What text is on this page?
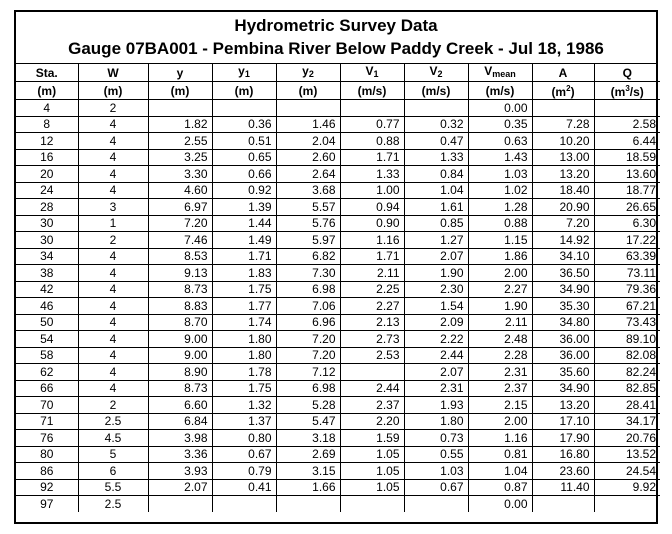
Hydrometric Survey Data
Gauge 07BA001 - Pembina River Below Paddy Creek - Jul 18, 1986
Sta.	W	y	$y_1$	$y_2$	$V_1$	$V_2$	$V_{mean}$	A	Q
(m)	(m)	(m)	(m)	(m)	(m/s)	(m/s)	(m/s)	$(m^2)$	$(m^3/s)$
4	2						0.00		
8	4	1.82	0.36	1.46	0.77	0.32	0.35	7.28	2.58
12	4	2.55	0.51	2.04	0.88	0.47	0.63	10.20	6.44
16	4	3.25	0.65	2.60	1.71	1.33	1.43	13.00	18.59
20	4	3.30	0.66	2.64	1.33	0.84	1.03	13.20	13.60
24	4	4.60	0.92	3.68	1.00	1.04	1.02	18.40	18.77
28	3	6.97	1.39	5.57	0.94	1.61	1.28	20.90	26.65
30	1	7.20	1.44	5.76	0.90	0.85	0.88	7.20	6.30
30	2	7.46	1.49	5.97	1.16	1.27	1.15	14.92	17.22
34	4	8.53	1.71	6.82	1.71	2.07	1.86	34.10	63.39
38	4	9.13	1.83	7.30	2.11	1.90	2.00	36.50	73.11
42	4	8.73	1.75	6.98	2.25	2.30	2.27	34.90	79.36
46	4	8.83	1.77	7.06	2.27	1.54	1.90	35.30	67.21
50	4	8.70	1.74	6.96	2.13	2.09	2.11	34.80	73.43
54	4	9.00	1.80	7.20	2.73	2.22	2.48	36.00	89.10
58	4	9.00	1.80	7.20	2.53	2.44	2.28	36.00	82.08
62	4	8.90	1.78	7.12		2.07	2.31	35.60	82.24
66	4	8.73	1.75	6.98	2.44	2.31	2.37	34.90	82.85
70	2	6.60	1.32	5.28	2.37	1.93	2.15	13.20	28.41
71	2.5	6.84	1.37	5.47	2.20	1.80	2.00	17.10	34.17
76	4.5	3.98	0.80	3.18	1.59	0.73	1.16	17.90	20.76
80	5	3.36	0.67	2.69	1.05	0.55	0.81	16.80	13.52
86	6	3.93	0.79	3.15	1.05	1.03	1.04	23.60	24.54
92	5.5	2.07	0.41	1.66	1.05	0.67	0.87	11.40	9.92
97	2.5						0.00		
